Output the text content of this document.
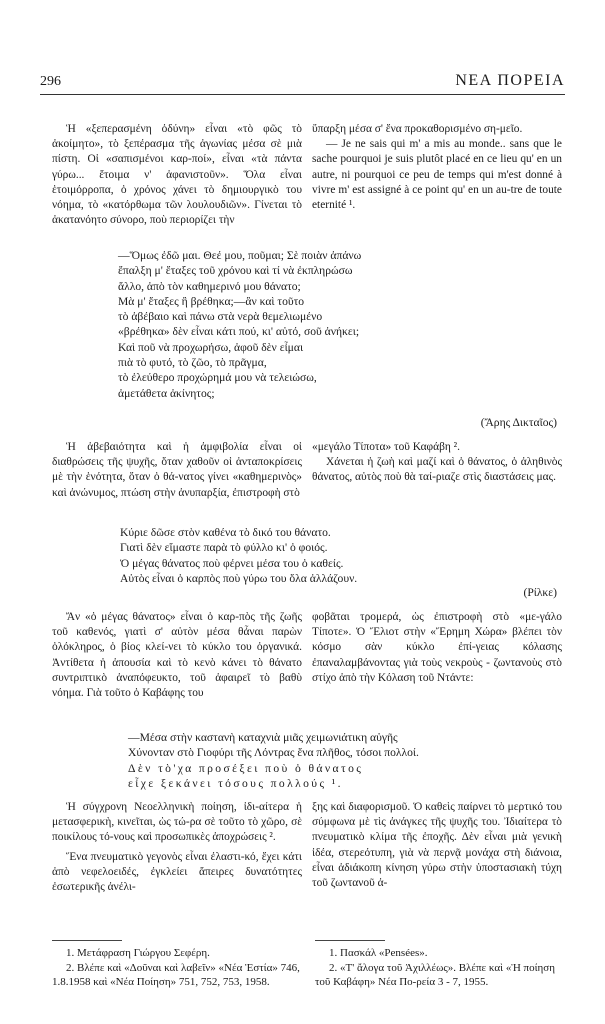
296	ΝΕΑ ΠΟΡΕΙΑ

Ἡ «ξεπερασμένη ὀδύνη» εἶναι «τὸ φῶς τὸ ἀκοίμητο», τὸ ξεπέρασμα τῆς ἀγωνίας μέσα σὲ μιὰ πίστη. Οἱ «σαπισμένοι καρ-ποί», εἶναι «τὰ πάντα γύρω... ἕτοιμα ν' ἀφανιστοῦν». Ὅλα εἶναι ἑτοιμόρροπα, ὁ χρόνος χάνει τὸ δημιουργικὸ του νόημα, τὸ «κατόρθωμα τῶν λουλουδιῶν». Γίνεται τὸ ἀκατανόητο σύνορο, ποὺ περιορίζει τὴν

ὕπαρξη μέσα σ' ἕνα προκαθορισμένο ση-μεῖο.

— Je ne sais qui m' a mis au monde.. sans que le sache pourquoi je suis plutôt placé en ce lieu qu' en un autre, ni pourquoi ce peu de temps qui m'est donné à vivre m' est assigné à ce point qu' en un au-tre de toute eternité ¹.

—Ὅμως ἐδῶ μαι. Θεέ μου, ποῦμαι; Σὲ ποιὰν ἀπάνω
ἔπαλξη μ' ἔταξες τοῦ χρόνου καὶ τί νὰ ἐκπληρώσω
ἄλλο, ἀπὸ τὸν καθημερινό μου θάνατο;
Μὰ μ' ἔταξες ἢ βρέθηκα;—ἂν καὶ τοῦτο
τὸ ἀβέβαιο καὶ πάνω στὰ νερὰ θεμελιωμένο
«βρέθηκα» δὲν εἶναι κάτι πού, κι' αὐτό, σοῦ ἀνήκει;
Καὶ ποῦ νὰ προχωρήσω, ἀφοῦ δὲν εἶμαι
πιὰ τὸ φυτό, τὸ ζῶο, τὸ πρᾶγμα,
τὸ ἐλεύθερο προχώρημά μου νὰ τελειώσω,
ἀμετάθετα ἀκίνητος;
(Ἄρης Δικταῖος)

Ἡ ἀβεβαιότητα καὶ ἡ ἀμφιβολία εἶναι οἱ διαθρώσεις τῆς ψυχῆς, ὅταν χαθοῦν οἱ ἀνταποκρίσεις μὲ τὴν ἑνότητα, ὅταν ὁ θά-νατος γίνει «καθημερινὸς» καὶ ἀνώνυμος, πτώση στὴν ἀνυπαρξία, ἐπιστροφὴ στὸ

«μεγάλο Τίποτα» τοῦ Καφάβη ².

Χάνεται ἡ ζωὴ καὶ μαζί καὶ ὁ θάνατος, ὁ ἀληθινὸς θάνατος, αὐτὸς ποὺ θὰ ταί-ριαζε στὶς διαστάσεις μας.

Κύριε δῶσε στὸν καθένα τὸ δικό του θάνατο.
Γιατὶ δὲν εἴμαστε παρὰ τὸ φύλλο κι' ὁ φοιός.
Ὁ μέγας θάνατος ποὺ φέρνει μέσα του ὁ καθείς.
Αὐτὸς εἶναι ὁ καρπὸς ποὺ γύρω του ὅλα ἀλλάζουν.
(Ρίλκε)

Ἄν «ὁ μέγας θάνατος» εἶναι ὁ καρ-πὸς τῆς ζωῆς τοῦ καθενός, γιατὶ σ' αὐτὸν μέσα θἆναι παρὼν ὁλόκληρος, ὁ βίος κλεί-νει τὸ κύκλο του ὀργανικά. Ἀντίθετα ἡ ἀπουσία καὶ τὸ κενὸ κάνει τὸ θάνατο συντριπτικὸ ἀναπόφευκτο, τοῦ ἀφαιρεῖ τὸ βαθὺ νόημα. Γιὰ τοῦτο ὁ Καβάφης του

φοβᾶται τρομερά, ὡς ἐπιστροφὴ στὸ «με-γάλο Τίποτε». Ὁ Ἔλιοτ στὴν «Ἔρημη Χώρα» βλέπει τὸν κόσμο σὰν κύκλο ἐπί-γειας κόλασης ἐπαναλαμβάνοντας γιὰ τοὺς νεκροὺς - ζωντανοὺς στὸ στίχο ἀπὸ τὴν Κόλαση τοῦ Ντάντε:

—Μέσα στὴν καστανὴ καταχνιὰ μιᾶς χειμωνιάτικη αὐγῆς
Χύνονταν στὸ Γιοφύρι τῆς Λόντρας ἕνα πλῆθος, τόσοι πολλοί.
Δὲν τὸ'χα προσέξει ποὺ ὁ θάνατος
εἶχε ξεκάνει τόσους πολλούς ¹.

Ἡ σύγχρονη Νεοελληνικὴ ποίηση, ἰδι-αίτερα ἡ μετασφερικὴ, κινεῖται, ὡς τώ-ρα σὲ τοῦτο τὸ χῶρο, σὲ ποικίλους τό-νους καὶ προσωπικὲς ἀποχρώσεις ².

Ἕνα πνευματικὸ γεγονὸς εἶναι ἐλαστι-κό, ἔχει κάτι ἀπὸ νεφελοειδές, ἐγκλείει ἄπειρες δυνατότητες ἐσωτερικῆς ἀνέλι-

ξης καὶ διαφορισμοῦ. Ὁ καθεὶς παίρνει τὸ μερτικό του σύμφωνα μὲ τὶς ἀνάγκες τῆς ψυχῆς του. Ἰδιαίτερα τὸ πνευματικὸ κλίμα τῆς ἐποχῆς. Δὲν εἶναι μιὰ γενικὴ ἰδέα, στερεότυπη, γιὰ νὰ περνᾷ μονάχα στὴ διάνοια, εἶναι ἀδιάκοπη κίνηση γύρω στὴν ὑποστασιακὴ τύχη τοῦ ζωντανοῦ ἀ-

1. Μετάφραση Γιώργου Σεφέρη.
2. Βλέπε καὶ «Δοῦναι καὶ λαβεῖν» «Νέα Ἑστία» 746, 1.8.1958 καὶ «Νέα Ποίηση» 751, 752, 753, 1958.
1. Πασκάλ «Pensées».
2. «Τ' ἄλογα τοῦ Ἀχιλλέως». Βλέπε καὶ «Ἡ ποίηση τοῦ Καβάφη» Νέα Πο-ρεία 3 - 7, 1955.
